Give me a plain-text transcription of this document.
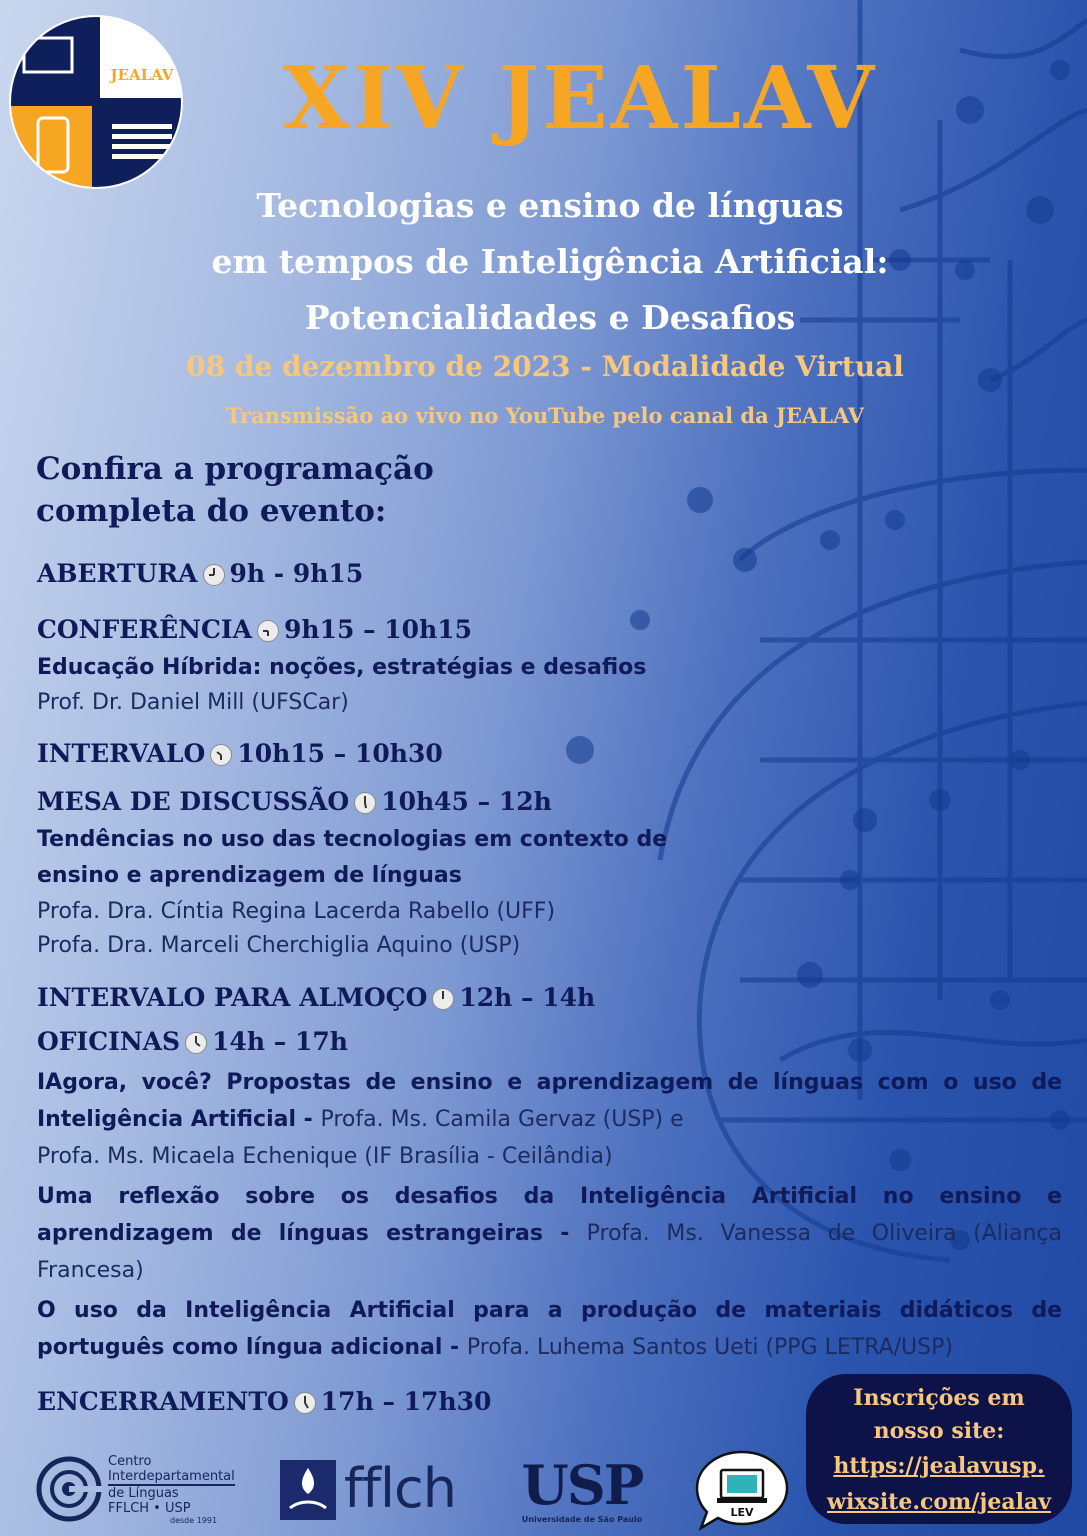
JEALAV	XIV JEALAV
Tecnologias e ensino de línguas
em tempos de Inteligência Artificial:
Potencialidades e Desafios
08 de dezembro de 2023 - Modalidade Virtual
Transmissão ao vivo no YouTube pelo canal da JEALAV
Confira a programação
completa do evento:
ABERTURA 9h - 9h15
CONFERÊNCIA 9h15 – 10h15
Educação Híbrida: noções, estratégias e desafios
Prof. Dr. Daniel Mill (UFSCar)
INTERVALO 10h15 – 10h30
MESA DE DISCUSSÃO 10h45 – 12h
Tendências no uso das tecnologias em contexto de
ensino e aprendizagem de línguas
Profa. Dra. Cíntia Regina Lacerda Rabello (UFF)
Profa. Dra. Marceli Cherchiglia Aquino (USP)
INTERVALO PARA ALMOÇO 12h – 14h
OFICINAS 14h – 17h
IAgora, você? Propostas de ensino e aprendizagem de línguas com o uso de Inteligência Artificial - Profa. Ms. Camila Gervaz (USP) e
Profa. Ms. Micaela Echenique (IF Brasília - Ceilândia)
Uma reflexão sobre os desafios da Inteligência Artificial no ensino e aprendizagem de línguas estrangeiras - Profa. Ms. Vanessa de Oliveira (Aliança Francesa)
O uso da Inteligência Artificial para a produção de materiais didáticos de português como língua adicional - Profa. Luhema Santos Ueti (PPG LETRA/USP)
ENCERRAMENTO 17h – 17h30	Inscrições em
nosso site:
https://jealavusp.
wixsite.com/jealav
Centro
Interdepartamental
de Línguas
FFLCH • USP
desde 1991
fflch USP
Universidade de São Paulo
LEV
